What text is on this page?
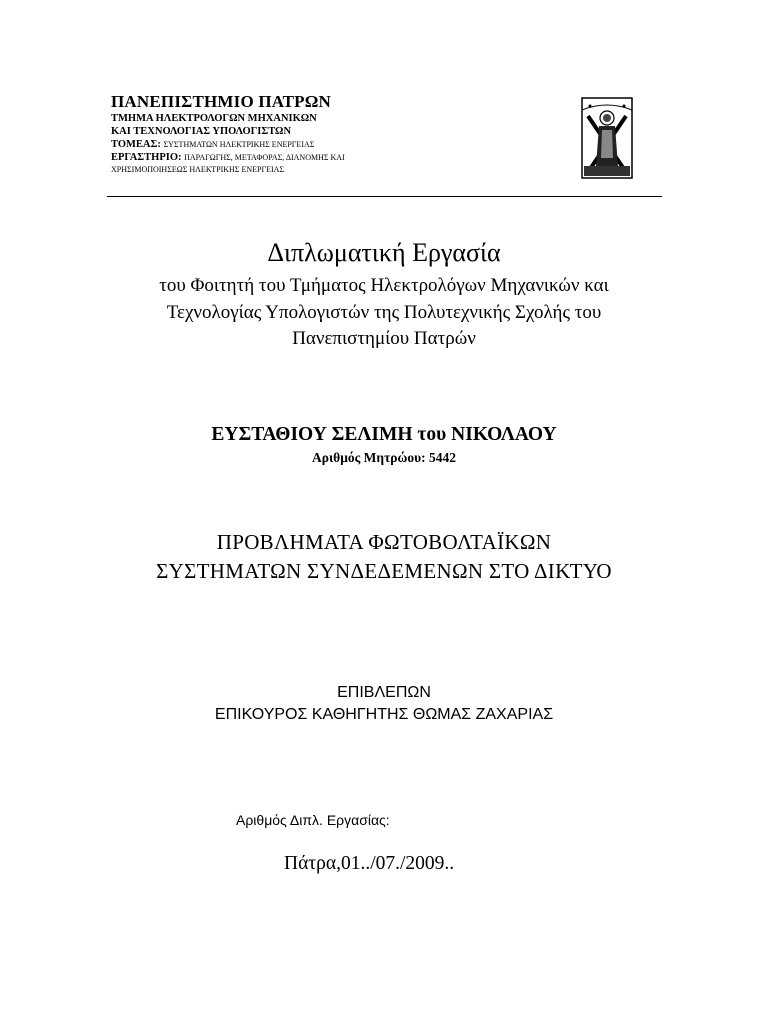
ΠΑΝΕΠΙΣΤΗΜΙΟ ΠΑΤΡΩΝ
ΤΜΗΜΑ ΗΛΕΚΤΡΟΛΟΓΩΝ ΜΗΧΑΝΙΚΩΝ
ΚΑΙ ΤΕΧΝΟΛΟΓΙΑΣ ΥΠΟΛΟΓΙΣΤΩΝ
ΤΟΜΕΑΣ: ΣΥΣΤΗΜΑΤΩΝ ΗΛΕΚΤΡΙΚΗΣ ΕΝΕΡΓΕΙΑΣ
ΕΡΓΑΣΤΗΡΙΟ: ΠΑΡΑΓΩΓΗΣ, ΜΕΤΑΦΟΡΑΣ, ΔΙΑΝΟΜΗΣ ΚΑΙ
ΧΡΗΣΙΜΟΠΟΙΗΣΕΩΣ ΗΛΕΚΤΡΙΚΗΣ ΕΝΕΡΓΕΙΑΣ
Διπλωματική Εργασία
του Φοιτητή του Τμήματος Ηλεκτρολόγων Μηχανικών και
Τεχνολογίας Υπολογιστών της Πολυτεχνικής Σχολής του
Πανεπιστημίου Πατρών
ΕΥΣΤΑΘΙΟΥ ΣΕΛΙΜΗ του ΝΙΚΟΛΑΟΥ
Αριθμός Μητρώου: 5442
ΠΡΟΒΛΗΜΑΤΑ ΦΩΤΟΒΟΛΤΑΪΚΩΝ
ΣΥΣΤΗΜΑΤΩΝ ΣΥΝΔΕΔΕΜΕΝΩΝ ΣΤΟ ΔΙΚΤΥΟ
ΕΠΙΒΛΕΠΩΝ
ΕΠΙΚΟΥΡΟΣ ΚΑΘΗΓΗΤΗΣ ΘΩΜΑΣ ΖΑΧΑΡΙΑΣ
Αριθμός Διπλ. Εργασίας:
Πάτρα,01../07./2009..
